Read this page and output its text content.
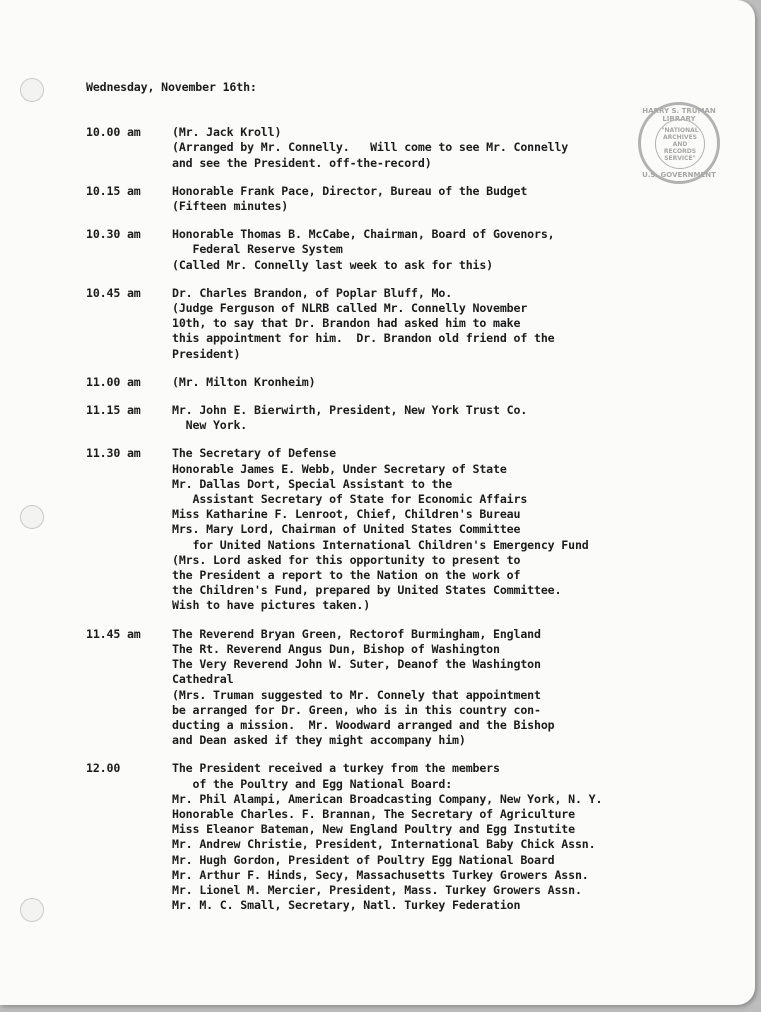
HARRY S. TRUMAN LIBRARY
"NATIONAL ARCHIVES AND RECORDS SERVICE"
U.S. GOVERNMENT
Wednesday, November 16th:
10.00 am	(Mr. Jack Kroll)
(Arranged by Mr. Connelly.   Will come to see Mr. Connelly
and see the President. off-the-record)
10.15 am	Honorable Frank Pace, Director, Bureau of the Budget
(Fifteen minutes)
10.30 am	Honorable Thomas B. McCabe, Chairman, Board of Govenors,
Federal Reserve System
(Called Mr. Connelly last week to ask for this)
10.45 am	Dr. Charles Brandon, of Poplar Bluff, Mo.
(Judge Ferguson of NLRB called Mr. Connelly November
10th, to say that Dr. Brandon had asked him to make
this appointment for him.  Dr. Brandon old friend of the
President)
11.00 am	(Mr. Milton Kronheim)
11.15 am	Mr. John E. Bierwirth, President, New York Trust Co.
New York.
11.30 am	The Secretary of Defense
Honorable James E. Webb, Under Secretary of State
Mr. Dallas Dort, Special Assistant to the
Assistant Secretary of State for Economic Affairs
Miss Katharine F. Lenroot, Chief, Children's Bureau
Mrs. Mary Lord, Chairman of United States Committee
for United Nations International Children's Emergency Fund
(Mrs. Lord asked for this opportunity to present to
the President a report to the Nation on the work of
the Children's Fund, prepared by United States Committee.
Wish to have pictures taken.)
11.45 am	The Reverend Bryan Green, Rectorof Burmingham, England
The Rt. Reverend Angus Dun, Bishop of Washington
The Very Reverend John W. Suter, Deanof the Washington
Cathedral
(Mrs. Truman suggested to Mr. Connely that appointment
be arranged for Dr. Green, who is in this country con-
ducting a mission.  Mr. Woodward arranged and the Bishop
and Dean asked if they might accompany him)
12.00	The President received a turkey from the members
of the Poultry and Egg National Board:
Mr. Phil Alampi, American Broadcasting Company, New York, N. Y.
Honorable Charles. F. Brannan, The Secretary of Agriculture
Miss Eleanor Bateman, New England Poultry and Egg Instutite
Mr. Andrew Christie, President, International Baby Chick Assn.
Mr. Hugh Gordon, President of Poultry Egg National Board
Mr. Arthur F. Hinds, Secy, Massachusetts Turkey Growers Assn.
Mr. Lionel M. Mercier, President, Mass. Turkey Growers Assn.
Mr. M. C. Small, Secretary, Natl. Turkey Federation
